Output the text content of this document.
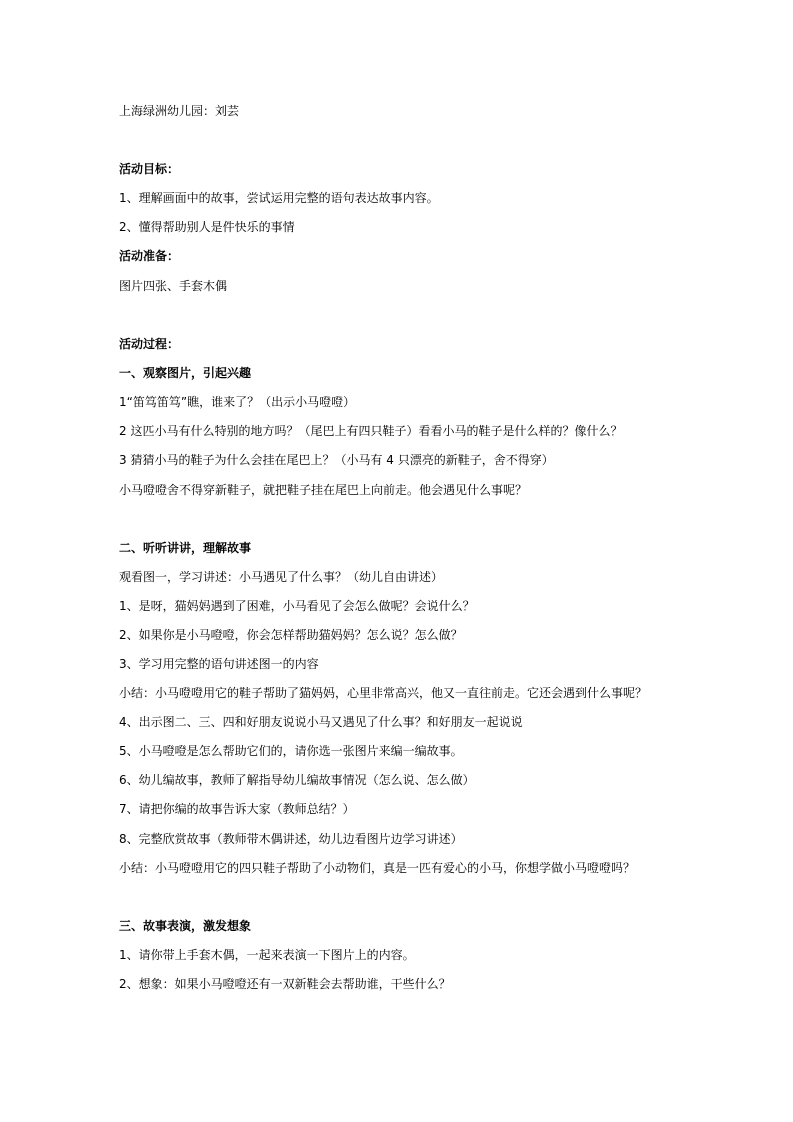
上海绿洲幼儿园：刘芸
活动目标：
1、理解画面中的故事，尝试运用完整的语句表达故事内容。
2、懂得帮助别人是件快乐的事情
活动准备：
图片四张、手套木偶
活动过程：
一、观察图片，引起兴趣
1“笛笃笛笃”瞧，谁来了？（出示小马噔噔）
2 这匹小马有什么特别的地方吗？（尾巴上有四只鞋子）看看小马的鞋子是什么样的？像什么？
3 猜猜小马的鞋子为什么会挂在尾巴上？（小马有 4 只漂亮的新鞋子，舍不得穿）
小马噔噔舍不得穿新鞋子，就把鞋子挂在尾巴上向前走。他会遇见什么事呢？
二、听听讲讲，理解故事
观看图一，学习讲述：小马遇见了什么事？（幼儿自由讲述）
1、是呀，猫妈妈遇到了困难，小马看见了会怎么做呢？会说什么？
2、如果你是小马噔噔，你会怎样帮助猫妈妈？怎么说？怎么做？
3、学习用完整的语句讲述图一的内容
小结：小马噔噔用它的鞋子帮助了猫妈妈，心里非常高兴，他又一直往前走。它还会遇到什么事呢？
4、出示图二、三、四和好朋友说说小马又遇见了什么事？和好朋友一起说说
5、小马噔噔是怎么帮助它们的，请你选一张图片来编一编故事。
6、幼儿编故事，教师了解指导幼儿编故事情况（怎么说、怎么做）
7、请把你编的故事告诉大家（教师总结？）
8、完整欣赏故事（教师带木偶讲述，幼儿边看图片边学习讲述）
小结：小马噔噔用它的四只鞋子帮助了小动物们，真是一匹有爱心的小马，你想学做小马噔噔吗？
三、故事表演，激发想象
1、请你带上手套木偶，一起来表演一下图片上的内容。
2、想象：如果小马噔噔还有一双新鞋会去帮助谁，干些什么？
